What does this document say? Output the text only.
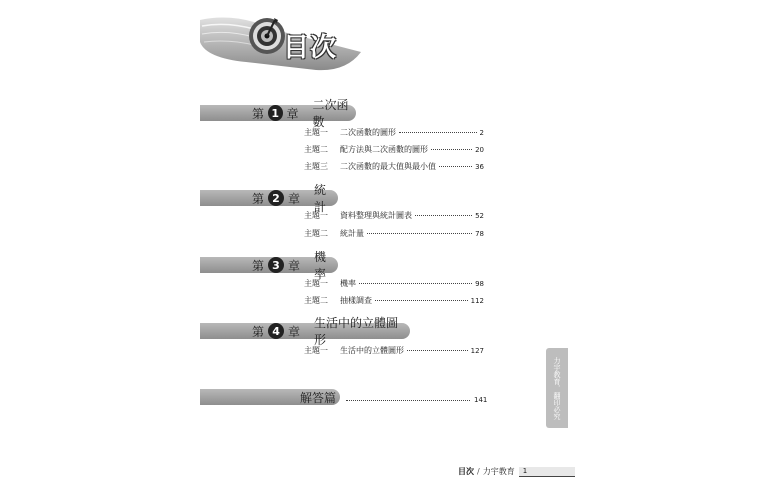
目次
第 1 章
二次函數
主題一	二次函數的圖形	2
主題二	配方法與二次函數的圖形	20
主題三	二次函數的最大值與最小值	36
第 2 章
統計
主題一	資料整理與統計圖表	52
主題二	統計量	78
第 3 章
機率
主題一	機率	98
主題二	抽樣調查	112
第 4 章
生活中的立體圖形
主題一	生活中的立體圖形	127
解答篇	141	力宇教育．翻印必究
目次 / 力宇教育	1
